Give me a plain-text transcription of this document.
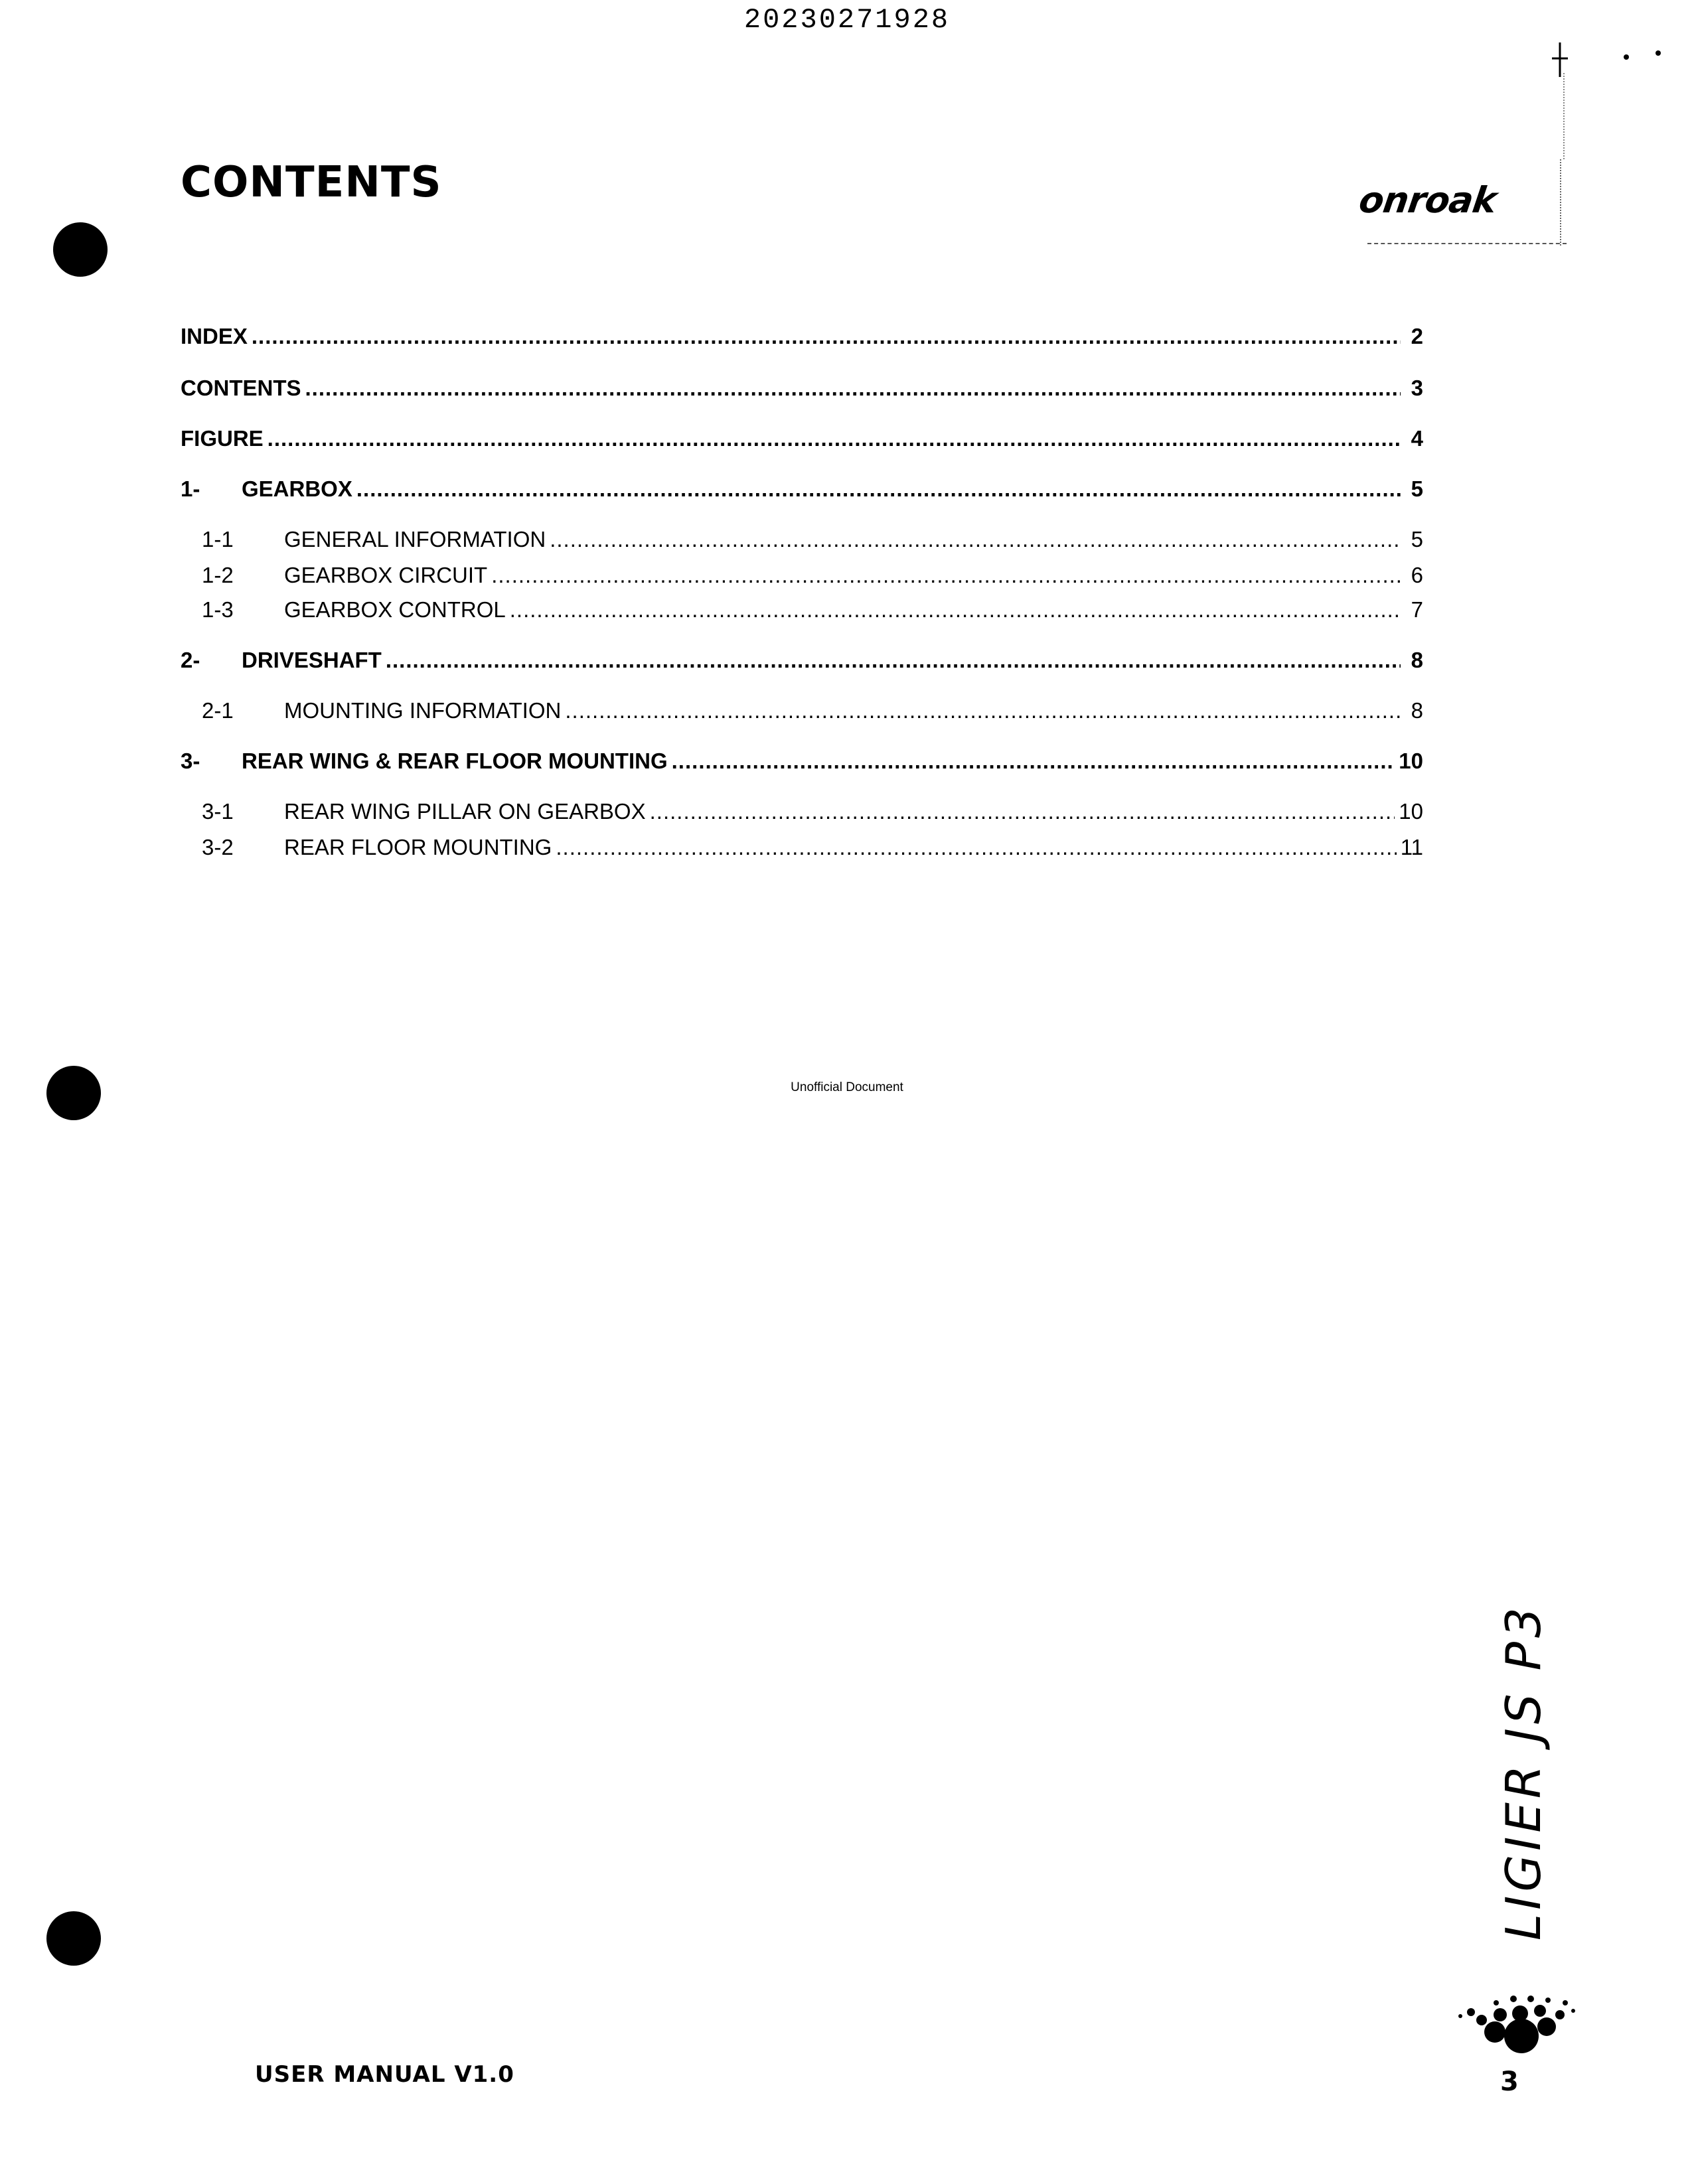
20230271928
CONTENTS	onroak
INDEX .....	2
CONTENTS .....	3
FIGURE .....	4
1-	GEARBOX .....	5
1-1	GENERAL INFORMATION .....	5
1-2	GEARBOX CIRCUIT .....	6
1-3	GEARBOX CONTROL .....	7
2-	DRIVESHAFT .....	8
2-1	MOUNTING INFORMATION .....	8
3-	REAR WING & REAR FLOOR MOUNTING .....	10
3-1	REAR WING PILLAR ON GEARBOX .....	10
3-2	REAR FLOOR MOUNTING .....	11
Unofficial Document
LIGIER JS P3
USER MANUAL V1.0	3
